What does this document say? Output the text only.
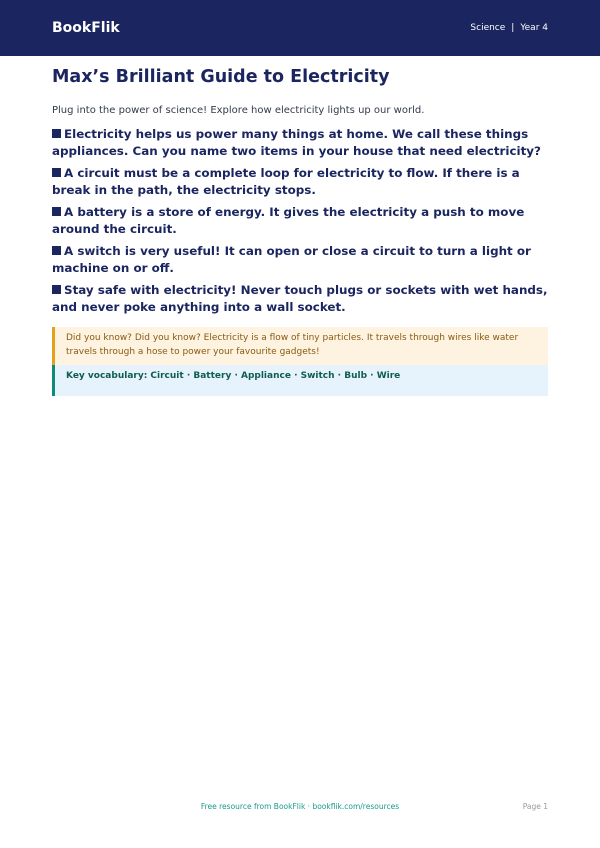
BookFlik	Science | Year 4
Max’s Brilliant Guide to Electricity
Plug into the power of science! Explore how electricity lights up our world.
Electricity helps us power many things at home. We call these things appliances. Can you name two items in your house that need electricity?
A circuit must be a complete loop for electricity to flow. If there is a break in the path, the electricity stops.
A battery is a store of energy. It gives the electricity a push to move around the circuit.
A switch is very useful! It can open or close a circuit to turn a light or machine on or off.
Stay safe with electricity! Never touch plugs or sockets with wet hands, and never poke anything into a wall socket.
Did you know? Did you know? Electricity is a flow of tiny particles. It travels through wires like water travels through a hose to power your favourite gadgets!
Key vocabulary: Circuit · Battery · Appliance · Switch · Bulb · Wire
Free resource from BookFlik · bookflik.com/resources	Page 1
